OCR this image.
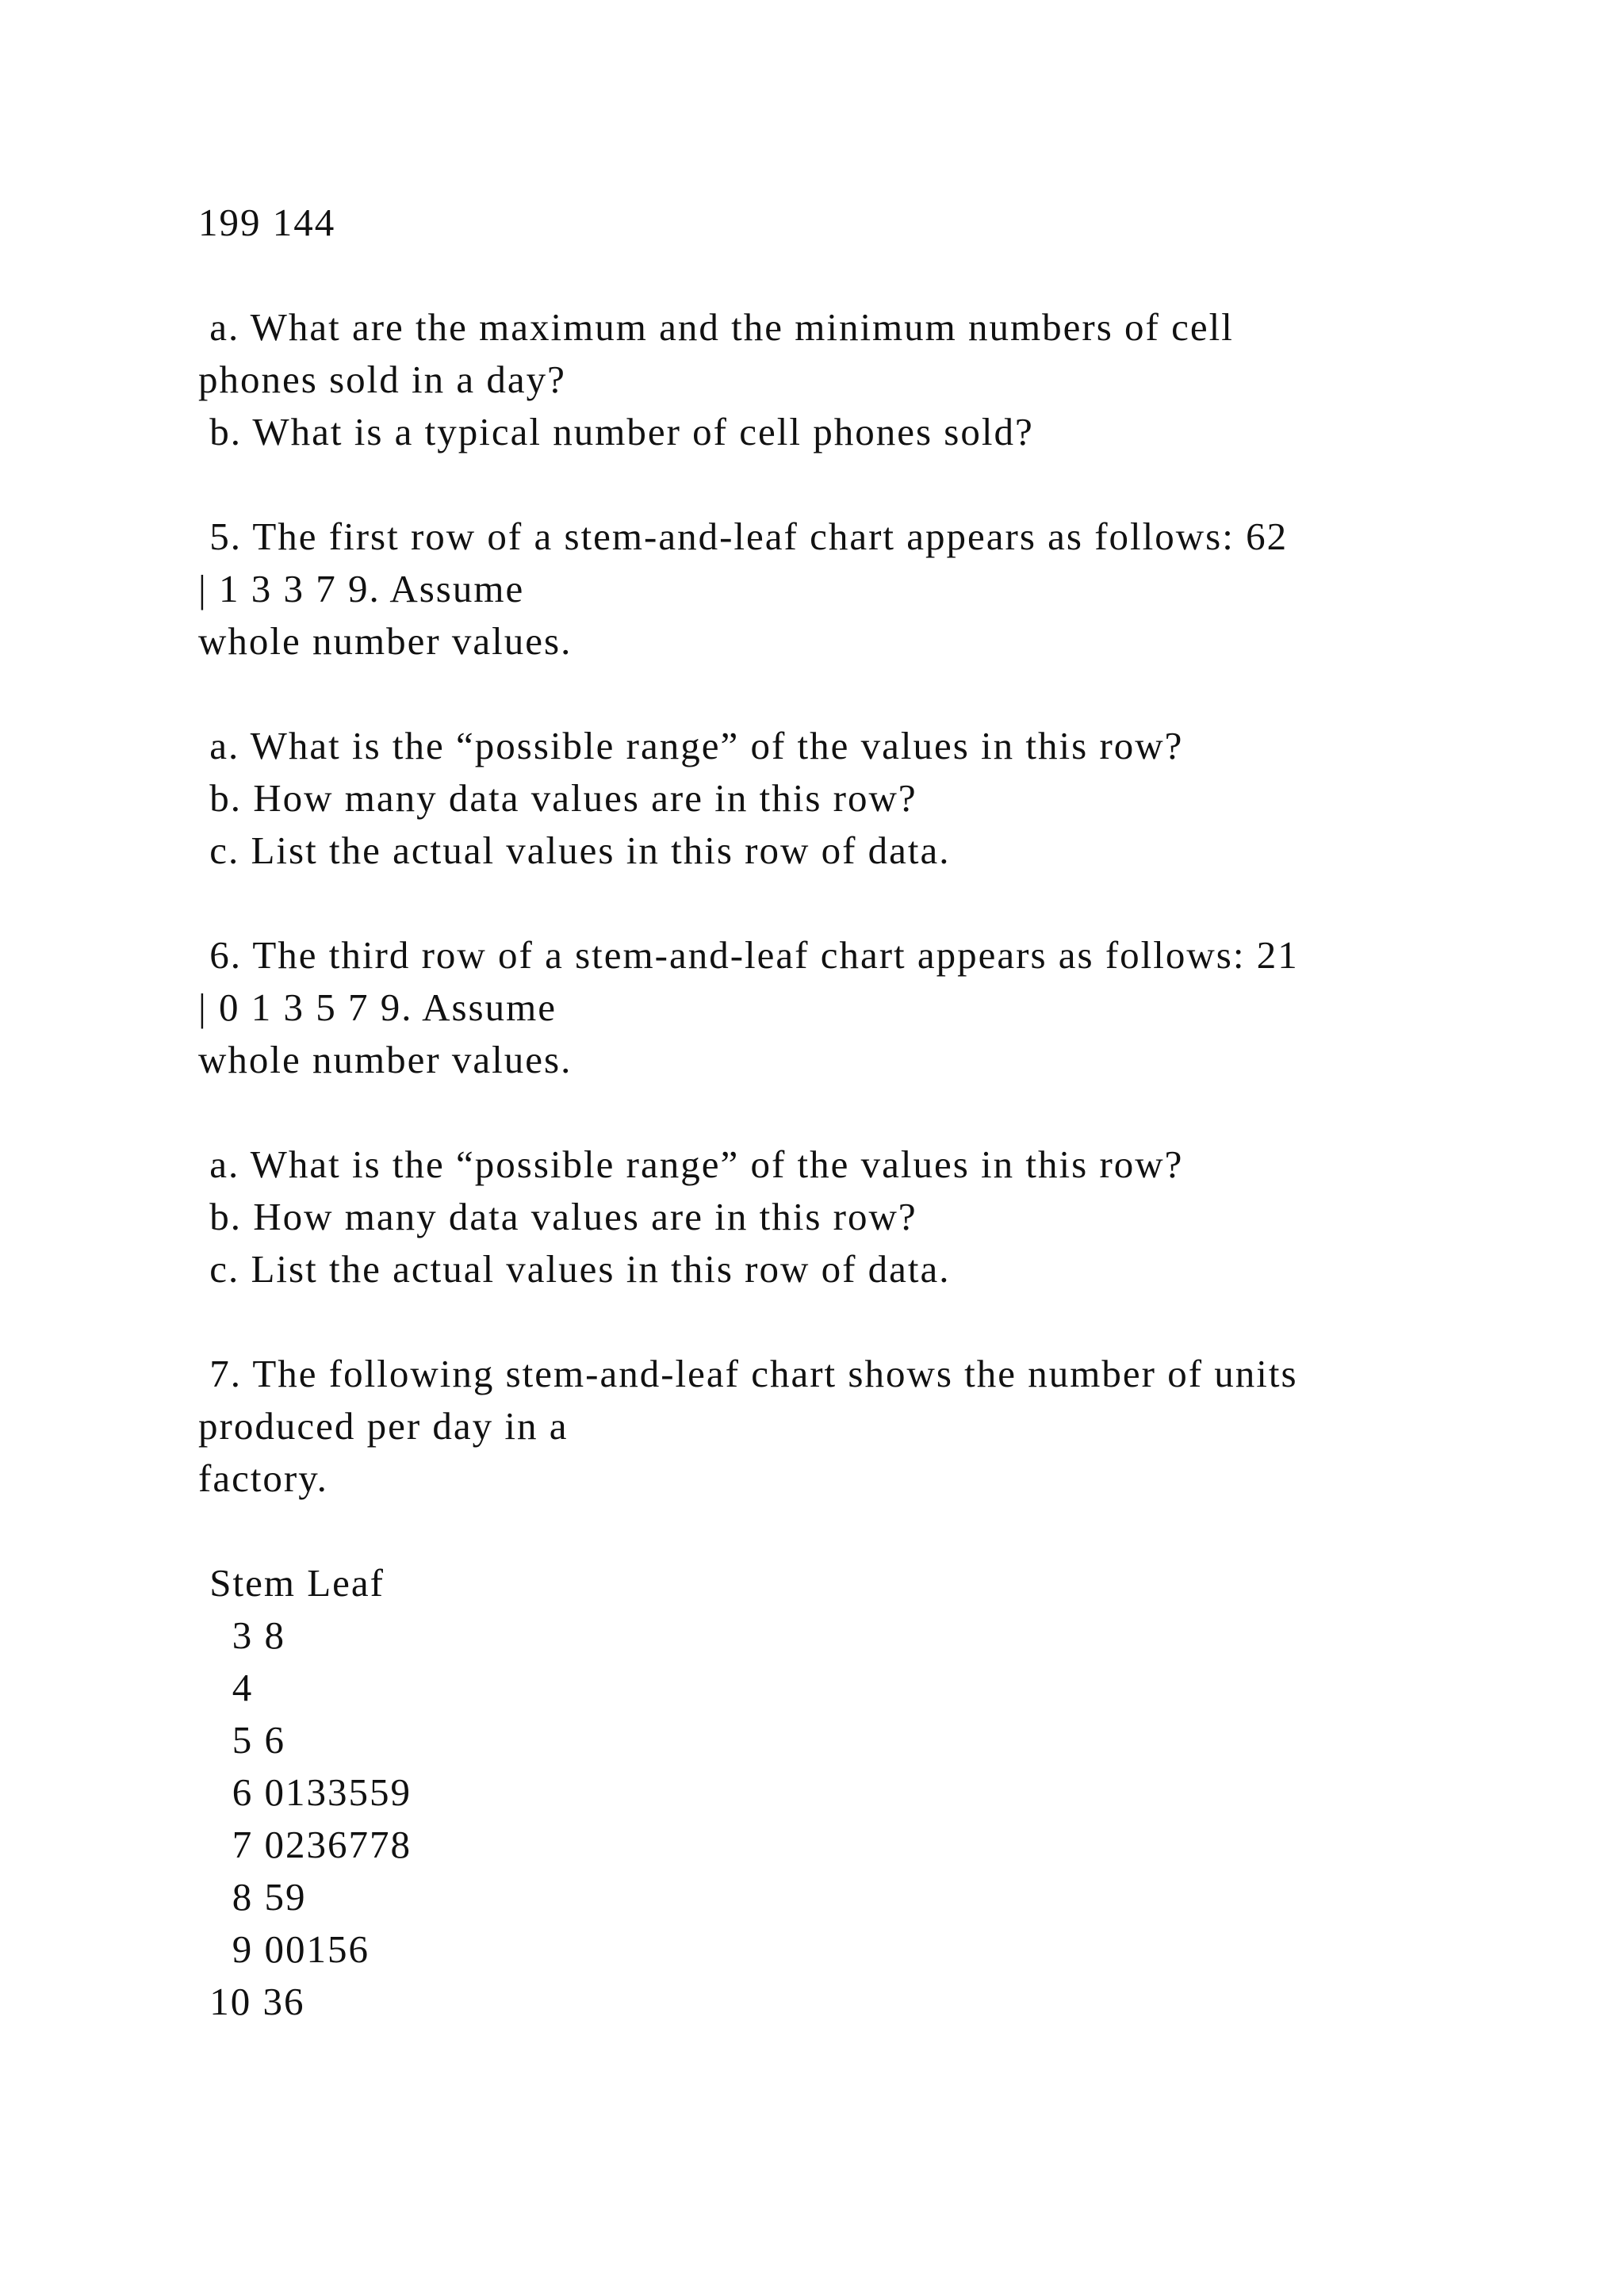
199 144
a. What are the maximum and the minimum numbers of cell
phones sold in a day?
b. What is a typical number of cell phones sold?
5. The first row of a stem-and-leaf chart appears as follows: 62
| 1 3 3 7 9. Assume
whole number values.
a. What is the “possible range” of the values in this row?
b. How many data values are in this row?
c. List the actual values in this row of data.
6. The third row of a stem-and-leaf chart appears as follows: 21
| 0 1 3 5 7 9. Assume
whole number values.
a. What is the “possible range” of the values in this row?
b. How many data values are in this row?
c. List the actual values in this row of data.
7. The following stem-and-leaf chart shows the number of units
produced per day in a
factory.
Stem Leaf
3 8
4
5 6
6 0133559
7 0236778
8 59
9 00156
10 36
